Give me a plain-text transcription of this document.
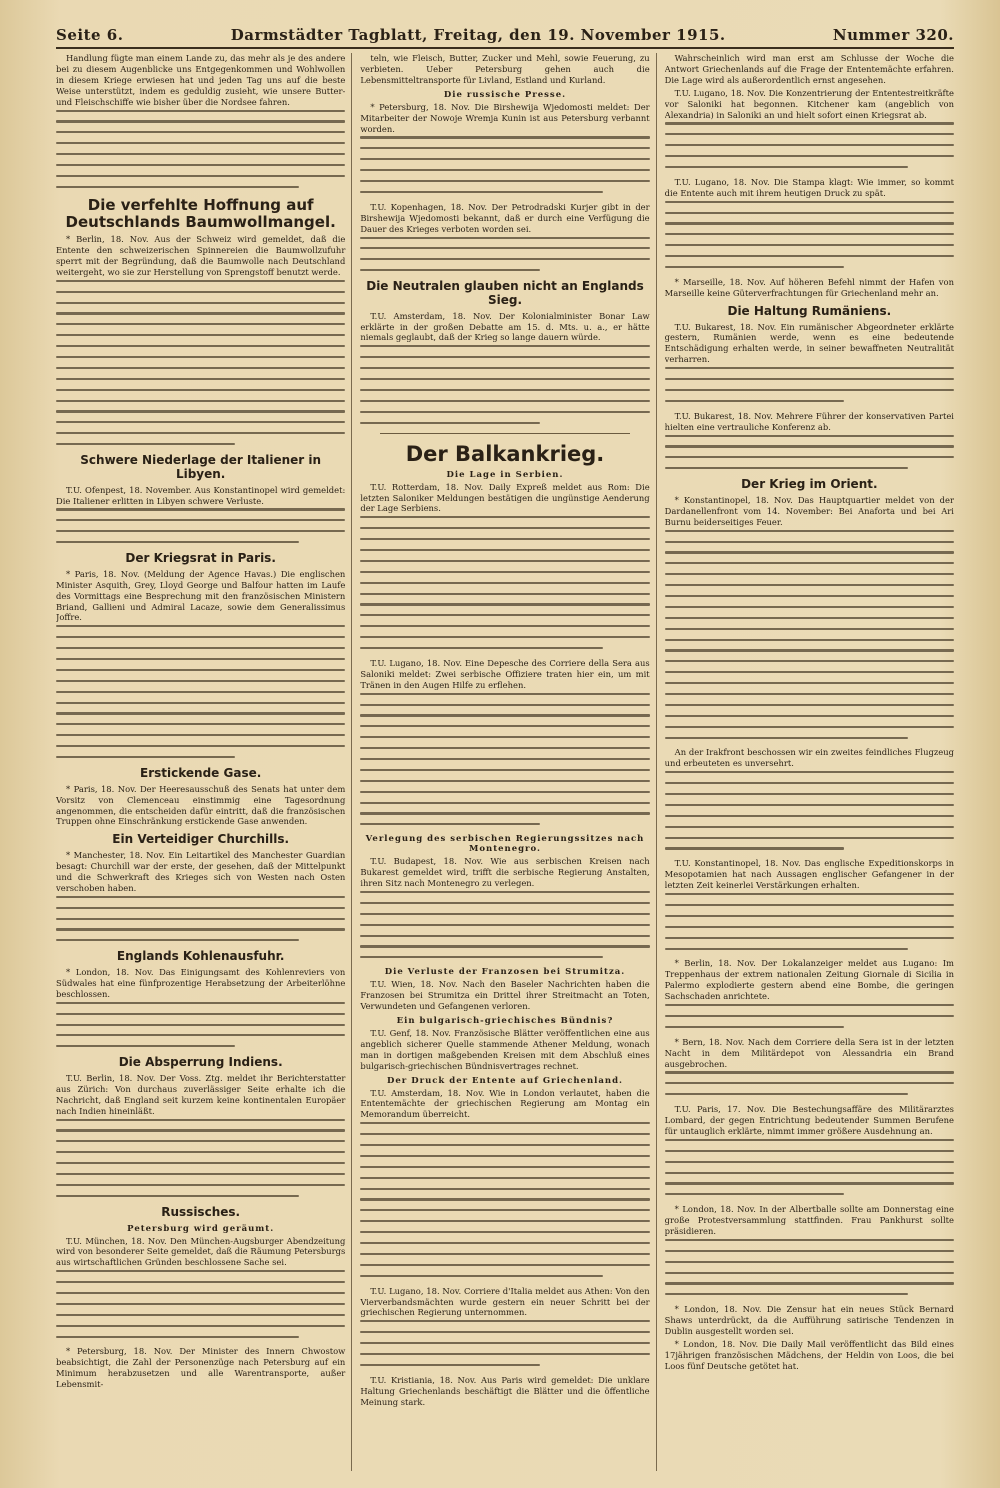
Seite 6.	Darmstädter Tagblatt, Freitag, den 19. November 1915.	Nummer 320.

Handlung fügte man einem Lande zu, das mehr als je des andere bei zu diesem Augenblicke uns Entgegenkommen und Wohlwollen in diesem Kriege erwiesen hat und jeden Tag uns auf die beste Weise unterstützt, indem es geduldig zusieht, wie unsere Butter- und Fleischschiffe wie bisher über die Nordsee fahren.

Die verfehlte Hoffnung auf Deutschlands Baumwollmangel.

* Berlin, 18. Nov. Aus der Schweiz wird gemeldet, daß die Entente den schweizerischen Spinnereien die Baumwollzufuhr sperrt mit der Begründung, daß die Baumwolle nach Deutschland weitergeht, wo sie zur Herstellung von Sprengstoff benutzt werde.

Schwere Niederlage der Italiener in Libyen.

T.U. Ofenpest, 18. November. Aus Konstantinopel wird gemeldet: Die Italiener erlitten in Libyen schwere Verluste.

Der Kriegsrat in Paris.

* Paris, 18. Nov. (Meldung der Agence Havas.) Die englischen Minister Asquith, Grey, Lloyd George und Balfour hatten im Laufe des Vormittags eine Besprechung mit den französischen Ministern Briand, Gallieni und Admiral Lacaze, sowie dem Generalissimus Joffre.

Erstickende Gase.

* Paris, 18. Nov. Der Heeresausschuß des Senats hat unter dem Vorsitz von Clemenceau einstimmig eine Tagesordnung angenommen, die entscheiden dafür eintritt, daß die französischen Truppen ohne Einschränkung erstickende Gase anwenden.

Ein Verteidiger Churchills.

* Manchester, 18. Nov. Ein Leitartikel des Manchester Guardian besagt: Churchill war der erste, der gesehen, daß der Mittelpunkt und die Schwerkraft des Krieges sich von Westen nach Osten verschoben haben.

Englands Kohlenausfuhr.

* London, 18. Nov. Das Einigungsamt des Kohlenreviers von Südwales hat eine fünfprozentige Herabsetzung der Arbeiterlöhne beschlossen.

Die Absperrung Indiens.

T.U. Berlin, 18. Nov. Der Voss. Ztg. meldet ihr Berichterstatter aus Zürich: Von durchaus zuverlässiger Seite erhalte ich die Nachricht, daß England seit kurzem keine kontinentalen Europäer nach Indien hineinläßt.

Russisches.
Petersburg wird geräumt.

T.U. München, 18. Nov. Den München-Augsburger Abendzeitung wird von besonderer Seite gemeldet, daß die Räumung Petersburgs aus wirtschaftlichen Gründen beschlossene Sache sei.

* Petersburg, 18. Nov. Der Minister des Innern Chwostow beabsichtigt, die Zahl der Personenzüge nach Petersburg auf ein Minimum herabzusetzen und alle Warentransporte, außer Lebensmit-

teln, wie Fleisch, Butter, Zucker und Mehl, sowie Feuerung, zu verbieten. Ueber Petersburg gehen auch die Lebensmitteltransporte für Livland, Estland und Kurland.

Die russische Presse.

* Petersburg, 18. Nov. Die Birshewija Wjedomosti meldet: Der Mitarbeiter der Nowoje Wremja Kunin ist aus Petersburg verbannt worden.

T.U. Kopenhagen, 18. Nov. Der Petrodradski Kurjer gibt in der Birshewija Wjedomosti bekannt, daß er durch eine Verfügung die Dauer des Krieges verboten worden sei.

Die Neutralen glauben nicht an Englands Sieg.

T.U. Amsterdam, 18. Nov. Der Kolonialminister Bonar Law erklärte in der großen Debatte am 15. d. Mts. u. a., er hätte niemals geglaubt, daß der Krieg so lange dauern würde.

Der Balkankrieg.
Die Lage in Serbien.

T.U. Rotterdam, 18. Nov. Daily Expreß meldet aus Rom: Die letzten Saloniker Meldungen bestätigen die ungünstige Aenderung der Lage Serbiens.

T.U. Lugano, 18. Nov. Eine Depesche des Corriere della Sera aus Saloniki meldet: Zwei serbische Offiziere traten hier ein, um mit Tränen in den Augen Hilfe zu erflehen.

Verlegung des serbischen Regierungssitzes nach Montenegro.

T.U. Budapest, 18. Nov. Wie aus serbischen Kreisen nach Bukarest gemeldet wird, trifft die serbische Regierung Anstalten, ihren Sitz nach Montenegro zu verlegen.

Die Verluste der Franzosen bei Strumitza.

T.U. Wien, 18. Nov. Nach den Baseler Nachrichten haben die Franzosen bei Strumitza ein Drittel ihrer Streitmacht an Toten, Verwundeten und Gefangenen verloren.

Ein bulgarisch-griechisches Bündnis?

T.U. Genf, 18. Nov. Französische Blätter veröffentlichen eine aus angeblich sicherer Quelle stammende Athener Meldung, wonach man in dortigen maßgebenden Kreisen mit dem Abschluß eines bulgarisch-griechischen Bündnisvertrages rechnet.

Der Druck der Entente auf Griechenland.

T.U. Amsterdam, 18. Nov. Wie in London verlautet, haben die Ententemächte der griechischen Regierung am Montag ein Memorandum überreicht.

T.U. Lugano, 18. Nov. Corriere d'Italia meldet aus Athen: Von den Vierverbandsmächten wurde gestern ein neuer Schritt bei der griechischen Regierung unternommen.

T.U. Kristiania, 18. Nov. Aus Paris wird gemeldet: Die unklare Haltung Griechenlands beschäftigt die Blätter und die öffentliche Meinung stark.

Wahrscheinlich wird man erst am Schlusse der Woche die Antwort Griechenlands auf die Frage der Ententemächte erfahren. Die Lage wird als außerordentlich ernst angesehen.

T.U. Lugano, 18. Nov. Die Konzentrierung der Ententestreitkräfte vor Saloniki hat begonnen. Kitchener kam (angeblich von Alexandria) in Saloniki an und hielt sofort einen Kriegsrat ab.

T.U. Lugano, 18. Nov. Die Stampa klagt: Wie immer, so kommt die Entente auch mit ihrem heutigen Druck zu spät.

* Marseille, 18. Nov. Auf höheren Befehl nimmt der Hafen von Marseille keine Güterverfrachtungen für Griechenland mehr an.

Die Haltung Rumäniens.

T.U. Bukarest, 18. Nov. Ein rumänischer Abgeordneter erklärte gestern, Rumänien werde, wenn es eine bedeutende Entschädigung erhalten werde, in seiner bewaffneten Neutralität verharren.

T.U. Bukarest, 18. Nov. Mehrere Führer der konservativen Partei hielten eine vertrauliche Konferenz ab.

Der Krieg im Orient.

* Konstantinopel, 18. Nov. Das Hauptquartier meldet von der Dardanellenfront vom 14. November: Bei Anaforta und bei Ari Burnu beiderseitiges Feuer.

An der Irakfront beschossen wir ein zweites feindliches Flugzeug und erbeuteten es unversehrt.

T.U. Konstantinopel, 18. Nov. Das englische Expeditionskorps in Mesopotamien hat nach Aussagen englischer Gefangener in der letzten Zeit keinerlei Verstärkungen erhalten.

* Berlin, 18. Nov. Der Lokalanzeiger meldet aus Lugano: Im Treppenhaus der extrem nationalen Zeitung Giornale di Sicilia in Palermo explodierte gestern abend eine Bombe, die geringen Sachschaden anrichtete.

* Bern, 18. Nov. Nach dem Corriere della Sera ist in der letzten Nacht in dem Militärdepot von Alessandria ein Brand ausgebrochen.

T.U. Paris, 17. Nov. Die Bestechungsaffäre des Militärarztes Lombard, der gegen Entrichtung bedeutender Summen Berufene für untauglich erklärte, nimmt immer größere Ausdehnung an.

* London, 18. Nov. In der Albertballe sollte am Donnerstag eine große Protestversammlung stattfinden. Frau Pankhurst sollte präsidieren.

* London, 18. Nov. Die Zensur hat ein neues Stück Bernard Shaws unterdrückt, da die Aufführung satirische Tendenzen in Dublin ausgestellt worden sei.

* London, 18. Nov. Die Daily Mail veröffentlicht das Bild eines 17jährigen französischen Mädchens, der Heldin von Loos, die bei Loos fünf Deutsche getötet hat.
